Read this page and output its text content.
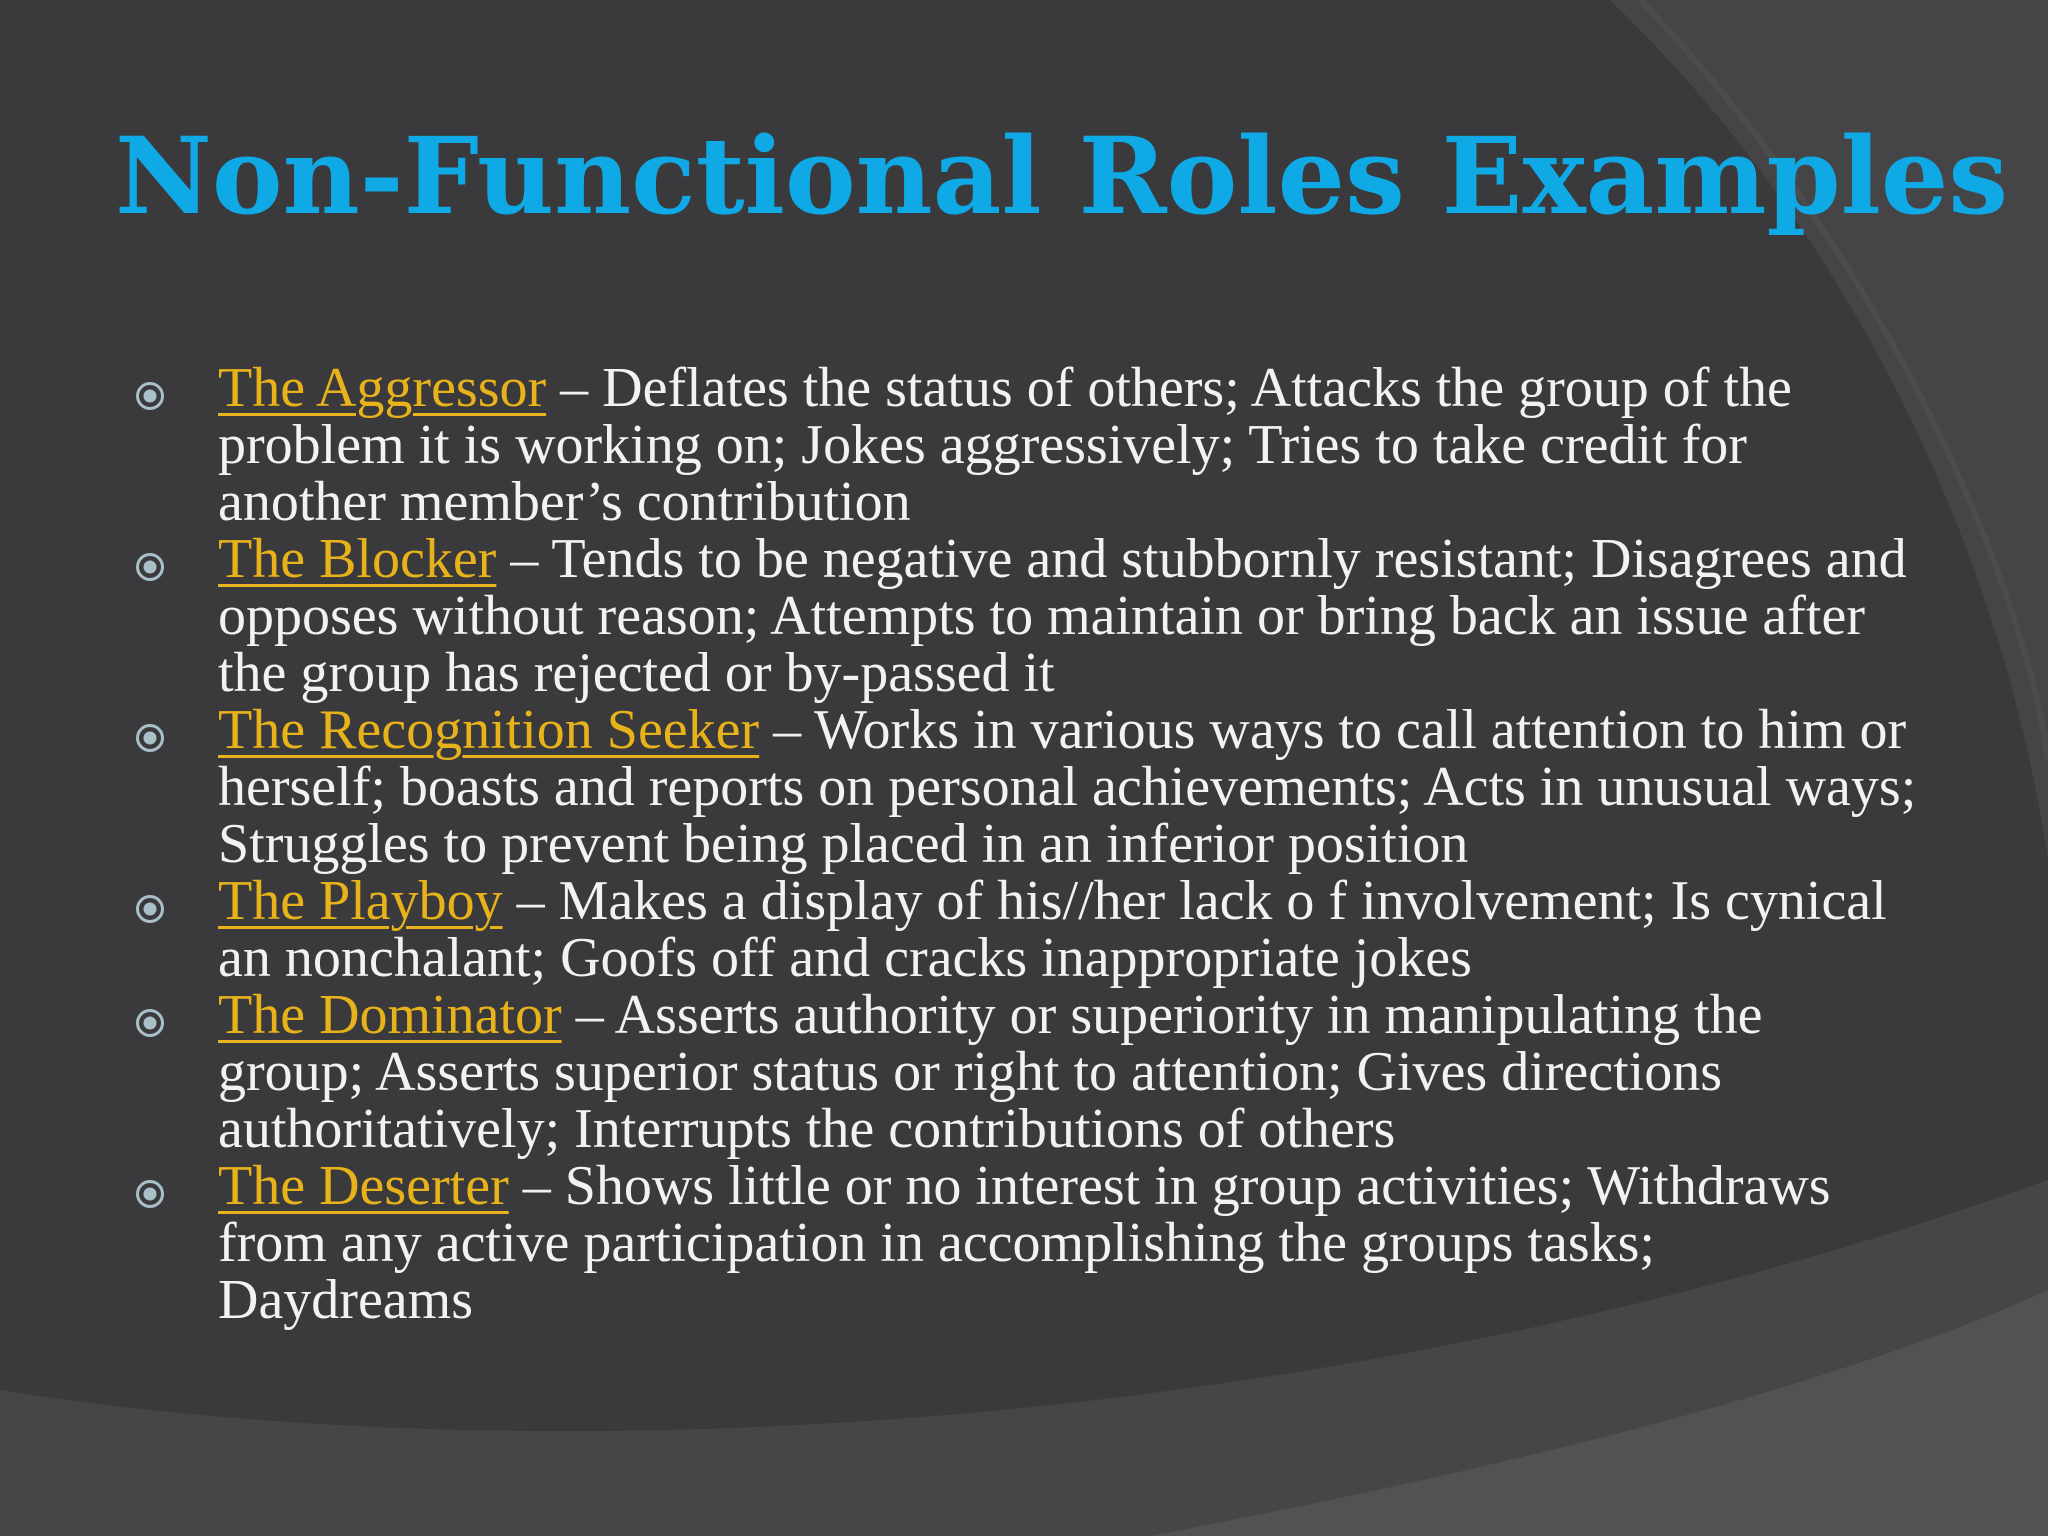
Non-Functional Roles Examples
The Aggressor – Deflates the status of others; Attacks the group of the problem it is working on; Jokes aggressively; Tries to take credit for another member’s contribution
The Blocker – Tends to be negative and stubbornly resistant; Disagrees and opposes without reason; Attempts to maintain or bring back an issue after the group has rejected or by-passed it
The Recognition Seeker – Works in various ways to call attention to him or herself; boasts and reports on personal achievements; Acts in unusual ways; Struggles to prevent being placed in an inferior position
The Playboy – Makes a display of his//her lack o f involvement; Is cynical an nonchalant; Goofs off and cracks inappropriate jokes
The Dominator – Asserts authority or superiority in manipulating the group; Asserts superior status or right to attention; Gives directions authoritatively; Interrupts the contributions of others
The Deserter – Shows little or no interest in group activities; Withdraws from any active participation in accomplishing the groups tasks; Daydreams
